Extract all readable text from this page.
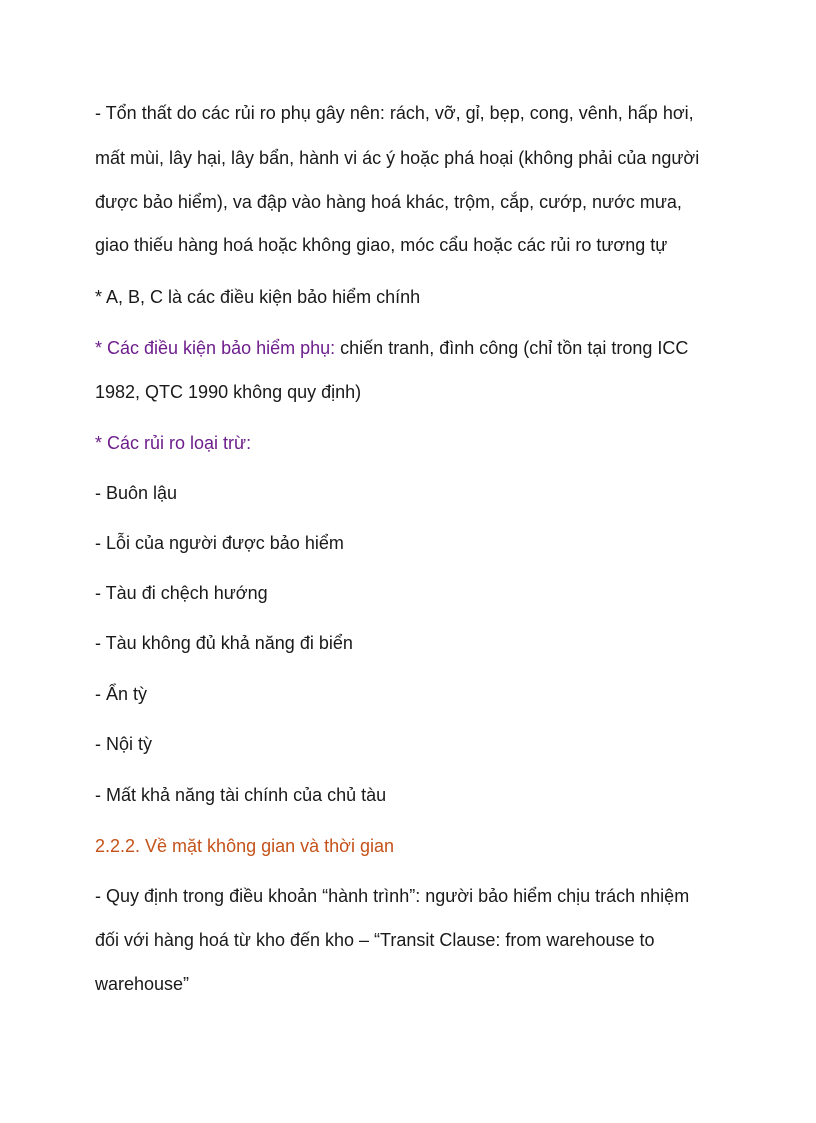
- Tổn thất do các rủi ro phụ gây nên: rách, vỡ, gỉ, bẹp, cong, vênh, hấp hơi,
mất mùi, lây hại, lây bẩn, hành vi ác ý hoặc phá hoại (không phải của người
được bảo hiểm), va đập vào hàng hoá khác, trộm, cắp, cướp, nước mưa,
giao thiếu hàng hoá hoặc không giao, móc cẩu hoặc các rủi ro tương tự
* A, B, C là các điều kiện bảo hiểm chính
* Các điều kiện bảo hiểm phụ: chiến tranh, đình công (chỉ tồn tại trong ICC
1982, QTC 1990 không quy định)
* Các rủi ro loại trừ:
- Buôn lậu
- Lỗi của người được bảo hiểm
- Tàu đi chệch hướng
- Tàu không đủ khả năng đi biển
- Ẩn tỳ
- Nội tỳ
- Mất khả năng tài chính của chủ tàu
2.2.2. Về mặt không gian và thời gian
- Quy định trong điều khoản “hành trình”: người bảo hiểm chịu trách nhiệm
đối với hàng hoá từ kho đến kho – “Transit Clause: from warehouse to
warehouse”
